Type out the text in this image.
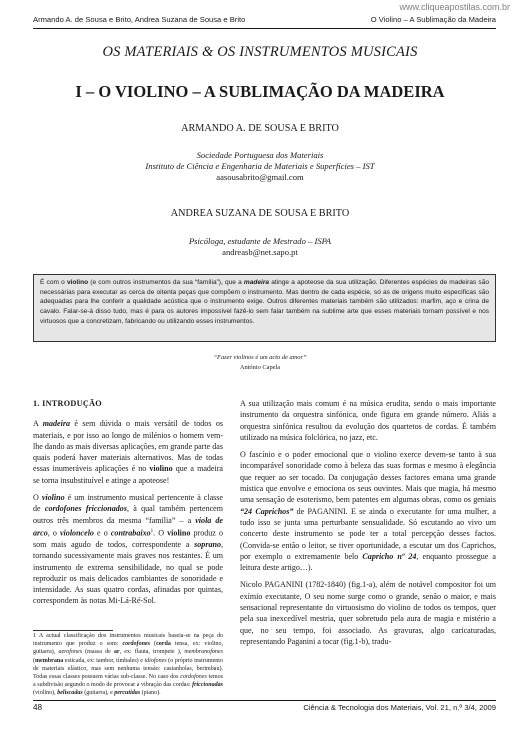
www.cliqueapostilas.com.br
Armando A. de Sousa e Brito, Andrea Suzana de Sousa e Brito	O Violino – A Sublimação da Madeira
OS MATERIAIS & OS INSTRUMENTOS MUSICAIS
I – O VIOLINO – A SUBLIMAÇÃO DA MADEIRA
ARMANDO A. DE SOUSA E BRITO
Sociedade Portuguesa dos Materiais
Instituto de Ciência e Engenharia de Materiais e Superfícies – IST
aasousabrito@gmail.com
ANDREA SUZANA DE SOUSA E BRITO
Psicóloga, estudante de Mestrado – ISPA
andreasb@net.sapo.pt
É com o violino (e com outros instrumentos da sua “família”), que a madeira atinge a apoteose da sua utilização. Diferentes espécies de madeiras são necessárias para executar as cerca de oitenta peças que compõem o instrumento. Mas dentro de cada espécie, só as de origens muito específicas são adequadas para lhe conferir a qualidade acústica que o instrumento exige. Outros diferentes materiais também são utilizados: marfim, aço e crina de cavalo. Falar-se-á disso tudo, mas é para os autores impossível fazê-lo sem falar também na sublime arte que esses materiais tornam possível e nos virtuosos que a concretizam, fabricando ou utilizando esses instrumentos.
“Fazer violinos é um acto de amor”
António Capela
1. INTRODUÇÃO

A madeira é sem dúvida o mais versátil de todos os materiais, e por isso ao longo de milénios o homem vem-lhe dando as mais diversas aplicações, em grande parte das quais poderá haver materiais alternativos. Mas de todas essas inumeráveis aplicações é no violino que a madeira se torna insubstituível e atinge a apoteose!

O violino é um instrumento musical pertencente à classe de cordofones friccionados, à qual também pertencem outros três membros da mesma “família” – a viola de arco, o violoncelo e o contrabaixo$^1$. O violino produz o som mais agudo de todos, correspondente a soprano, tornando sucessivamente mais graves nos restantes. É um instrumento de extrema sensibilidade, no qual se pode reproduzir os mais delicados cambiantes de sonoridade e intensidade. As suas quatro cordas, afinadas por quintas, correspondem às notas Mi-Lá-Ré-Sol.

1 A actual classificação dos instrumentos musicais baseia-se na peça do instrumento que produz o som: cordofones (corda tensa, ex: violino, guitarra), aerofones (massa de ar, ex: flauta, trompete ), membranofones (membrana esticada, ex: tambor, tímbales) e idiofones (o próprio instrumento de materiais elástico, mas sem nenhuma tensão: castanholas, berimbau). Todas essas classes possuem várias sub-classe. No caso dos cordofones temos a subdivisão segundo o modo de provocar a vibração das cordas: friccionadas (violino), beliscadas (guitarra), e percutidas (piano).

A sua utilização mais comum é na música erudita, sendo o mais importante instrumento da orquestra sinfónica, onde figura em grande número. Aliás a orquestra sinfónica resultou da evolução dos quartetos de cordas. É também utilizado na música folclórica, no jazz, etc.

O fascínio e o poder emocional que o violino exerce devem-se tanto à sua incomparável sonoridade como à beleza das suas formas e mesmo à elegância que requer ao ser tocado. Da conjugação desses factores emana uma grande mística que envolve e emociona os seus ouvintes. Mais que magia, há mesmo uma sensação de esoterismo, bem patentes em algumas obras, como os geniais “24 Caprichos” de PAGANINI. E se ainda o executante for uma mulher, a tudo isso se junta uma perturbante sensualidade. Só escutando ao vivo um concerto deste instrumento se pode ter a total percepção desses factos. (Convida-se então o leitor, se tiver oportunidade, a escutar um dos Caprichos, por exemplo o extremamente belo Capricho nº 24, enquanto prossegue a leitura deste artigo…).

Nicolo PAGANINI (1782-1840) (fig.1-a), além de notável compositor foi um exímio executante, O seu nome surge como o grande, senão o maior, e mais sensacional representante do virtuosismo do violino de todos os tempos, quer pela sua inexcedível mestria, quer sobretudo pela aura de magia e mistério a que, no seu tempo, foi associado. As gravuras, algo caricaturadas, representando Paganini a tocar (fig.1-b), tradu-

48	Ciência & Tecnologia dos Materiais, Vol. 21, n.º 3/4, 2009
